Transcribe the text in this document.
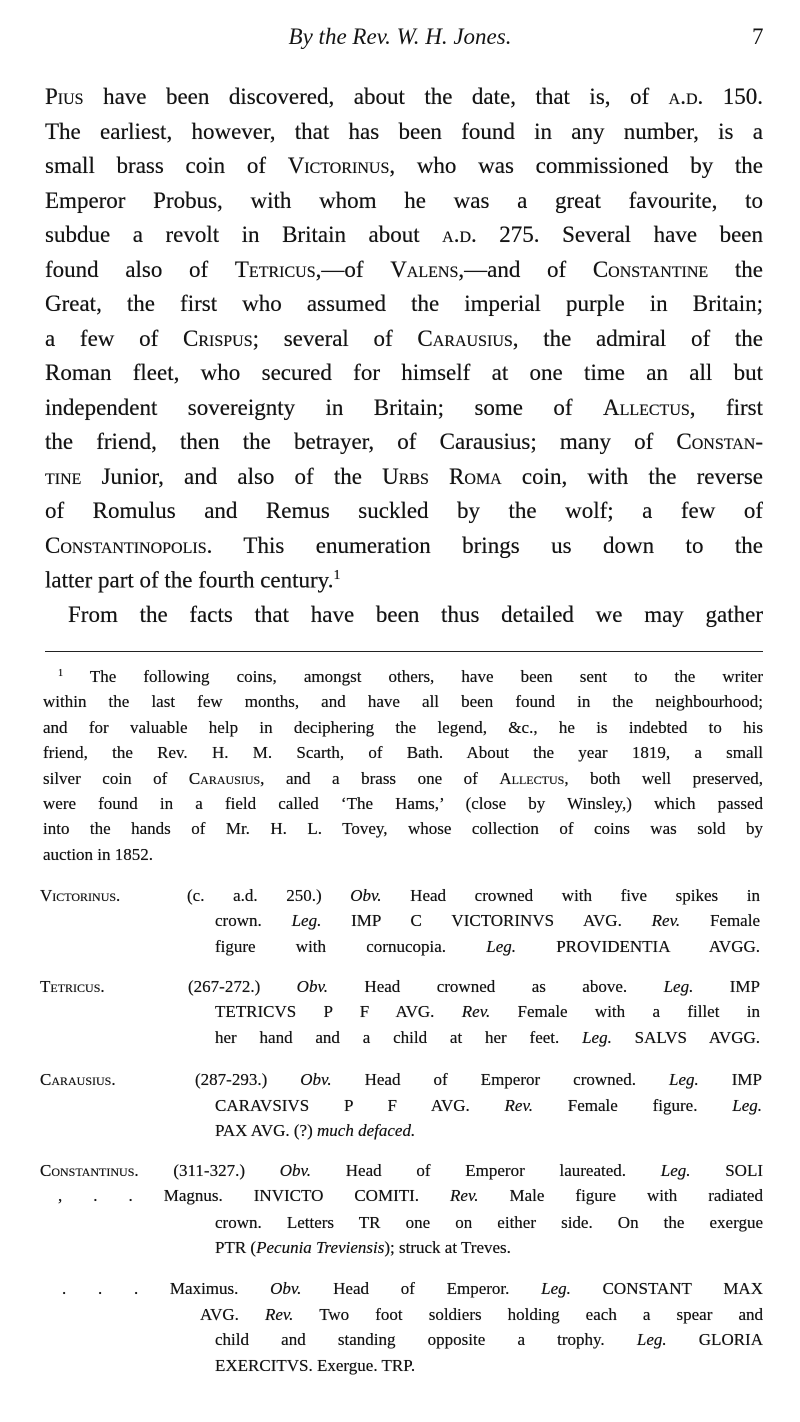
By the Rev. W. H. Jones.	7
Pius have been discovered, about the date, that is, of a.d. 150.
The earliest, however, that has been found in any number, is a
small brass coin of Victorinus, who was commissioned by the
Emperor Probus, with whom he was a great favourite, to
subdue a revolt in Britain about a.d. 275. Several have been
found also of Tetricus,—of Valens,—and of Constantine the
Great, the first who assumed the imperial purple in Britain;
a few of Crispus; several of Carausius, the admiral of the
Roman fleet, who secured for himself at one time an all but
independent sovereignty in Britain; some of Allectus, first
the friend, then the betrayer, of Carausius; many of Constan-
tine Junior, and also of the Urbs Roma coin, with the reverse
of Romulus and Remus suckled by the wolf; a few of
Constantinopolis. This enumeration brings us down to the
latter part of the fourth century.$^1$
From the facts that have been thus detailed we may gather
$^1$ The following coins, amongst others, have been sent to the writer
within the last few months, and have all been found in the neighbourhood;
and for valuable help in deciphering the legend, &c., he is indebted to his
friend, the Rev. H. M. Scarth, of Bath. About the year 1819, a small
silver coin of Carausius, and a brass one of Allectus, both well preserved,
were found in a field called ‘The Hams,’ (close by Winsley,) which passed
into the hands of Mr. H. L. Tovey, whose collection of coins was sold by
auction in 1852.
Victorinus.	(c. a.d. 250.) Obv. Head crowned with five spikes in
crown. Leg. IMP C VICTORINVS AVG. Rev. Female
figure with cornucopia. Leg. PROVIDENTIA AVGG.
Tetricus.	(267-272.) Obv. Head crowned as above. Leg. IMP
TETRICVS P F AVG. Rev. Female with a fillet in
her hand and a child at her feet. Leg. SALVS AVGG.
Carausius.	(287-293.) Obv. Head of Emperor crowned. Leg. IMP
CARAVSIVS P F AVG. Rev. Female figure. Leg.
PAX AVG. (?) much defaced.
Constantinus. (311-327.) Obv. Head of Emperor laureated. Leg. SOLI
, . . Magnus. INVICTO COMITI. Rev. Male figure with radiated
crown. Letters TR one on either side. On the exergue
PTR (Pecunia Treviensis); struck at Treves.
. . . Maximus. Obv. Head of Emperor. Leg. CONSTANT MAX
AVG. Rev. Two foot soldiers holding each a spear and
child and standing opposite a trophy. Leg. GLORIA
EXERCITVS. Exergue. TRP.
